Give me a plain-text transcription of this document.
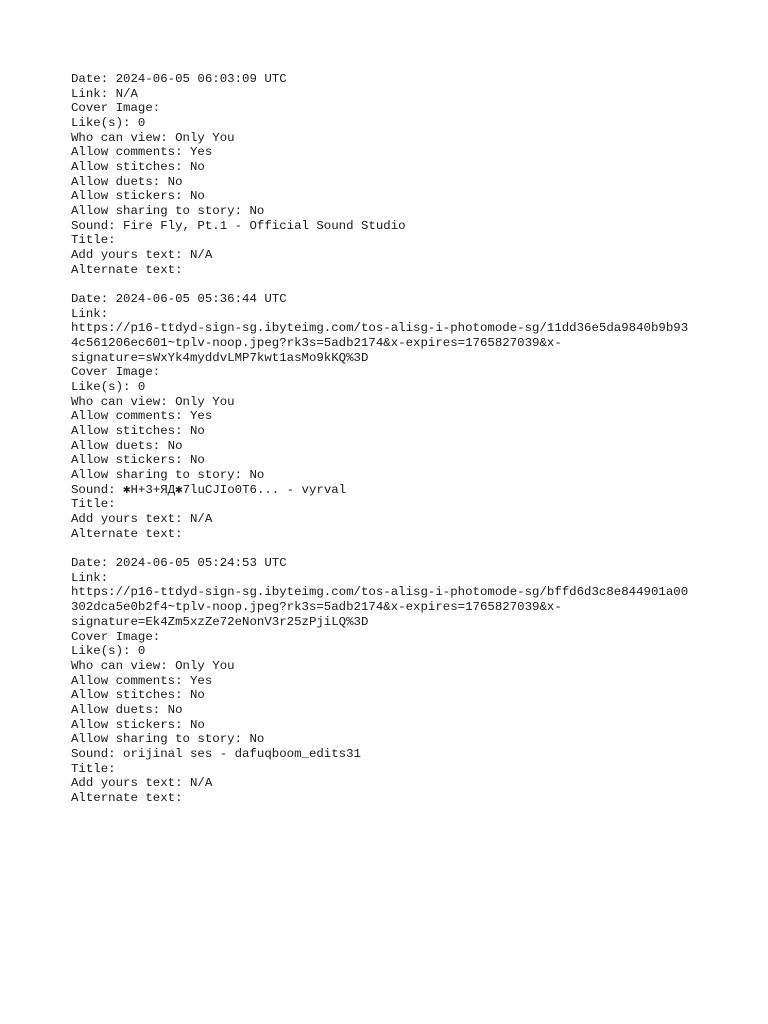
Date: 2024-06-05 06:03:09 UTC
Link: N/A
Cover Image:
Like(s): 0
Who can view: Only You
Allow comments: Yes
Allow stitches: No
Allow duets: No
Allow stickers: No
Allow sharing to story: No
Sound: Fire Fly, Pt.1 - Official Sound Studio
Title:
Add yours text: N/A
Alternate text:
Date: 2024-06-05 05:36:44 UTC
Link:
https://p16-ttdyd-sign-sg.ibyteimg.com/tos-alisg-i-photomode-sg/11dd36e5da9840b9b93
4c561206ec601~tplv-noop.jpeg?rk3s=5adb2174&x-expires=1765827039&x-
signature=sWxYk4myddvLMP7kwt1asMo9kKQ%3D
Cover Image:
Like(s): 0
Who can view: Only You
Allow comments: Yes
Allow stitches: No
Allow duets: No
Allow stickers: No
Allow sharing to story: No
Sound: ✱H+3+ЯД✱7luCJIo0T6... - vyrval
Title:
Add yours text: N/A
Alternate text:
Date: 2024-06-05 05:24:53 UTC
Link:
https://p16-ttdyd-sign-sg.ibyteimg.com/tos-alisg-i-photomode-sg/bffd6d3c8e844901a00
302dca5e0b2f4~tplv-noop.jpeg?rk3s=5adb2174&x-expires=1765827039&x-
signature=Ek4Zm5xzZe72eNonV3r25zPjiLQ%3D
Cover Image:
Like(s): 0
Who can view: Only You
Allow comments: Yes
Allow stitches: No
Allow duets: No
Allow stickers: No
Allow sharing to story: No
Sound: orijinal ses - dafuqboom_edits31
Title:
Add yours text: N/A
Alternate text:
